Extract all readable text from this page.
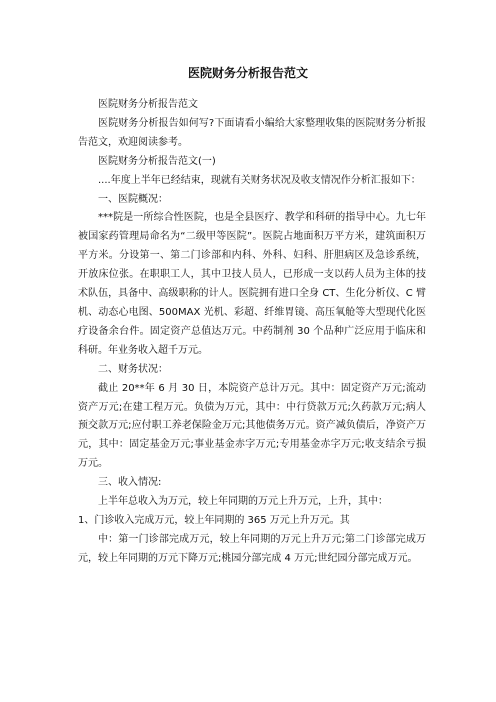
医院财务分析报告范文

医院财务分析报告范文

医院财务分析报告如何写?下面请看小编给大家整理收集的医院财务分析报告范文，欢迎阅读参考。

医院财务分析报告范文(一)

....年度上半年已经结束，现就有关财务状况及收支情况作分析汇报如下：

一、医院概况：

***院是一所综合性医院，也是全县医疗、教学和科研的指导中心。九七年被国家药管理局命名为“二级甲等医院”。医院占地面积万平方米，建筑面积万平方米。分设第一、第二门诊部和内科、外科、妇科、肝胆病区及急诊系统，开放床位张。在职职工人，其中卫技人员人，已形成一支以药人员为主体的技术队伍，具备中、高级职称的计人。医院拥有进口全身 CT、生化分析仪、C 臂机、动态心电图、500MAX 光机、彩超、纤维胃镜、高压氧舱等大型现代化医疗设备余台件。固定资产总值达万元。中药制剂 30 个品种广泛应用于临床和科研。年业务收入超千万元。

二、财务状况：

截止 20**年 6 月 30 日，本院资产总计万元。其中：固定资产万元;流动资产万元;在建工程万元。负债为万元，其中：中行贷款万元;久药款万元;病人预交款万元;应付职工养老保险金万元;其他债务万元。资产减负债后，净资产万元，其中：固定基金万元;事业基金赤字万元;专用基金赤字万元;收支结余亏损万元。

三、收入情况:

上半年总收入为万元，较上年同期的万元上升万元，上升，其中：

1、门诊收入完成万元，较上年同期的 365 万元上升万元。其

中：第一门诊部完成万元，较上年同期的万元上升万元;第二门诊部完成万元，较上年同期的万元下降万元;桃园分部完成 4 万元;世纪园分部完成万元。
